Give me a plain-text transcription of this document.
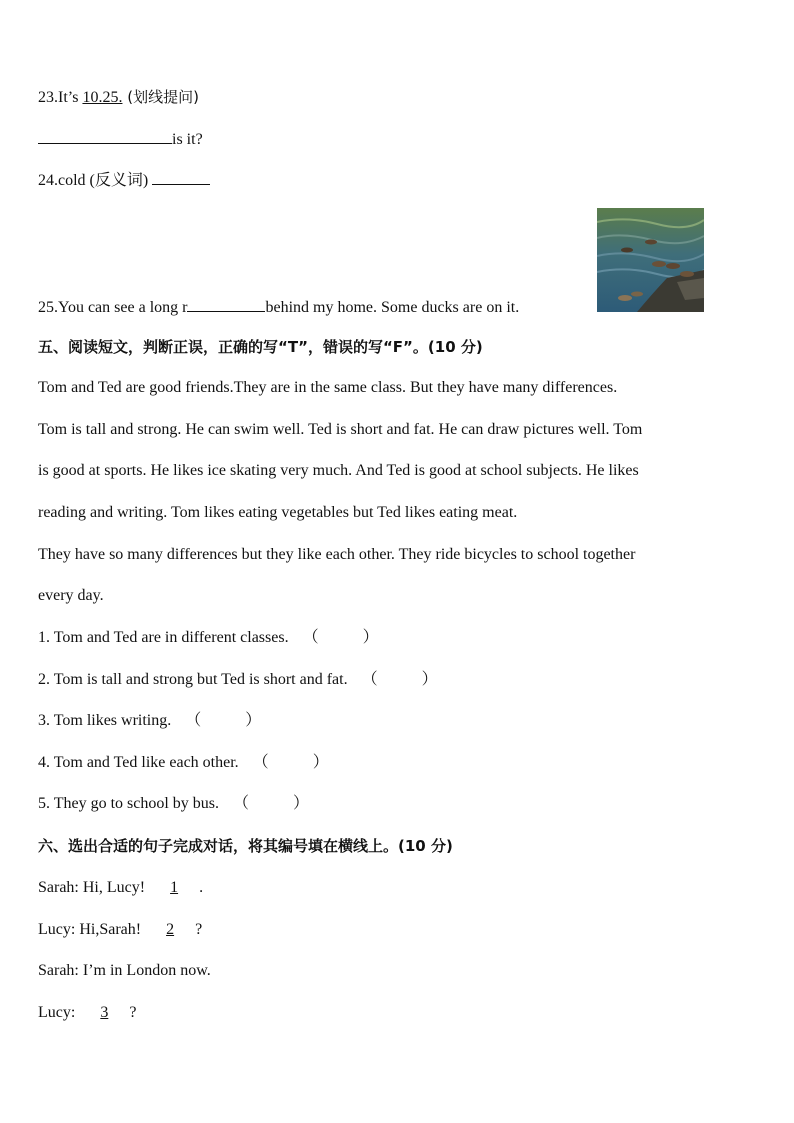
23.It’s 10.25. (划线提问)
is it?
24.cold (反义词)
25.You can see a long r	behind my home. Some ducks are on it.
五、阅读短文，判断正误，正确的写“T”，错误的写“F”。(10 分)
Tom and Ted are good friends.They are in the same class. But they have many differences.
Tom is tall and strong. He can swim well. Ted is short and fat. He can draw pictures well. Tom
is good at sports. He likes ice skating very much. And Ted is good at school subjects. He likes
reading and writing. Tom likes eating vegetables but Ted likes eating meat.
They have so many differences but they like each other. They ride bicycles to school together
every day.
1. Tom and Ted are in different classes. （	）
2. Tom is tall and strong but Ted is short and fat. （	）
3. Tom likes writing. （	）
4. Tom and Ted like each other. （	）
5. They go to school by bus. （	）
六、选出合适的句子完成对话，将其编号填在横线上。(10 分)
Sarah: Hi, Lucy! 1 .
Lucy: Hi,Sarah! 2 ?
Sarah: I’m in London now.
Lucy: 3 ?
